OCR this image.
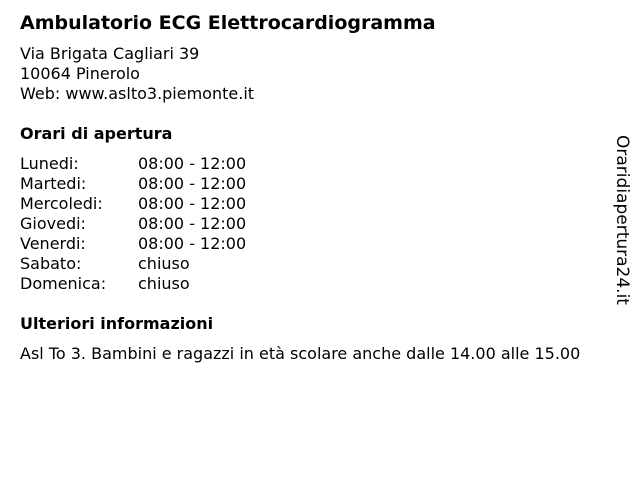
Ambulatorio ECG Elettrocardiogramma
Via Brigata Cagliari 39
10064 Pinerolo
Web: www.aslto3.piemonte.it
Orari di apertura
Lunedi:	08:00 - 12:00
Martedi:	08:00 - 12:00
Mercoledi:	08:00 - 12:00
Giovedi:	08:00 - 12:00
Venerdi:	08:00 - 12:00
Sabato:	chiuso
Domenica:	chiuso
Ulteriori informazioni
Asl To 3. Bambini e ragazzi in età scolare anche dalle 14.00 alle 15.00
Oraridiapertura24.it
